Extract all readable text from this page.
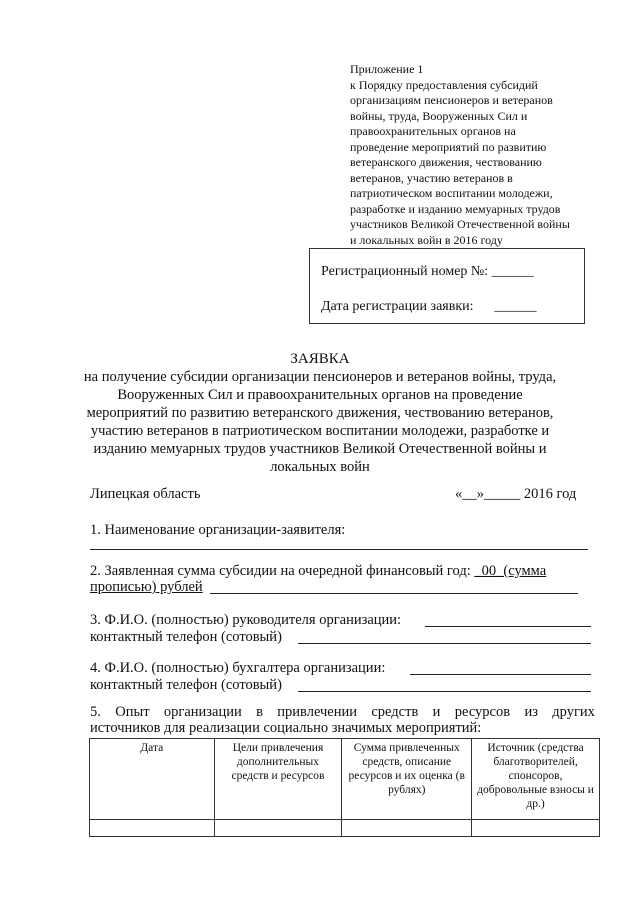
Приложение 1
к Порядку предоставления субсидий
организациям пенсионеров и ветеранов
войны, труда, Вооруженных Сил и
правоохранительных органов на
проведение мероприятий по развитию
ветеранского движения, чествованию
ветеранов, участию ветеранов в
патриотическом воспитании молодежи,
разработке и изданию мемуарных трудов
участников Великой Отечественной войны
и локальных войн в 2016 году
Регистрационный номер №: ______
Дата регистрации заявки: ______
ЗАЯВКА
на получение субсидии организации пенсионеров и ветеранов войны, труда,
Вооруженных Сил и правоохранительных органов на проведение
мероприятий по развитию ветеранского движения, чествованию ветеранов,
участию ветеранов в патриотическом воспитании молодежи, разработке и
изданию мемуарных трудов участников Великой Отечественной войны и
локальных войн
Липецкая область	«__»_____ 2016 год
1. Наименование организации-заявителя:
2. Заявленная сумма субсидии на очередной финансовый год: _00_(сумма
прописью) рублей
3. Ф.И.О. (полностью) руководителя организации:
контактный телефон (сотовый)
4. Ф.И.О. (полностью) бухгалтера организации:
контактный телефон (сотовый)
5. Опыт организации в привлечении средств и ресурсов из других
источников для реализации социально значимых мероприятий:
Дата	Цели привлечения дополнительных средств и ресурсов	Сумма привлеченных средств, описание ресурсов и их оценка (в рублях)	Источник (средства благотворителей, спонсоров, добровольные взносы и др.)
